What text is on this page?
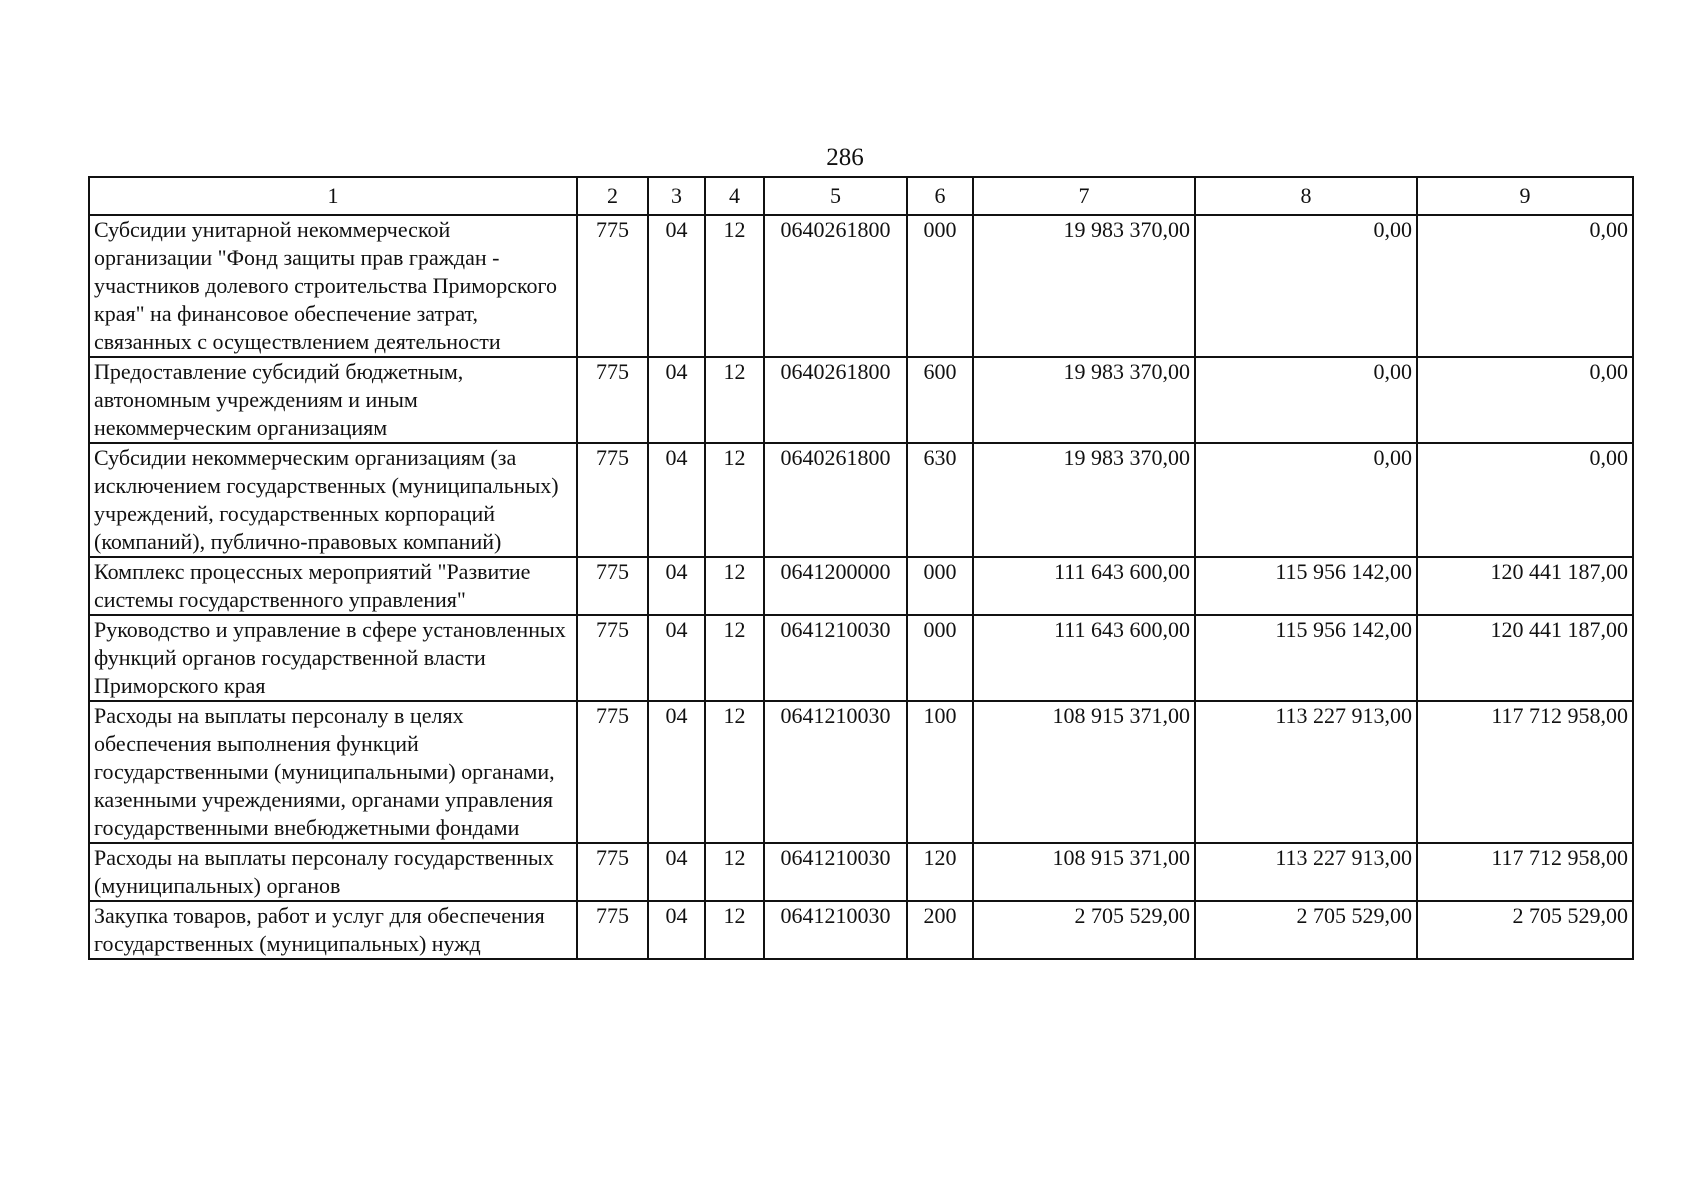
286
1	2	3	4	5	6	7	8	9
Субсидии унитарной некоммерческой организации "Фонд защиты прав граждан - участников долевого строительства Приморского края" на финансовое обеспечение затрат, связанных с осуществлением деятельности	775	04	12	0640261800	000	19 983 370,00	0,00	0,00
Предоставление субсидий бюджетным, автономным учреждениям и иным некоммерческим организациям	775	04	12	0640261800	600	19 983 370,00	0,00	0,00
Субсидии некоммерческим организациям (за исключением государственных (муниципальных) учреждений, государственных корпораций (компаний), публично-правовых компаний)	775	04	12	0640261800	630	19 983 370,00	0,00	0,00
Комплекс процессных мероприятий "Развитие системы государственного управления"	775	04	12	0641200000	000	111 643 600,00	115 956 142,00	120 441 187,00
Руководство и управление в сфере установленных функций органов государственной власти Приморского края	775	04	12	0641210030	000	111 643 600,00	115 956 142,00	120 441 187,00
Расходы на выплаты персоналу в целях обеспечения выполнения функций государственными (муниципальными) органами, казенными учреждениями, органами управления государственными внебюджетными фондами	775	04	12	0641210030	100	108 915 371,00	113 227 913,00	117 712 958,00
Расходы на выплаты персоналу государственных (муниципальных) органов	775	04	12	0641210030	120	108 915 371,00	113 227 913,00	117 712 958,00
Закупка товаров, работ и услуг для обеспечения государственных (муниципальных) нужд	775	04	12	0641210030	200	2 705 529,00	2 705 529,00	2 705 529,00
